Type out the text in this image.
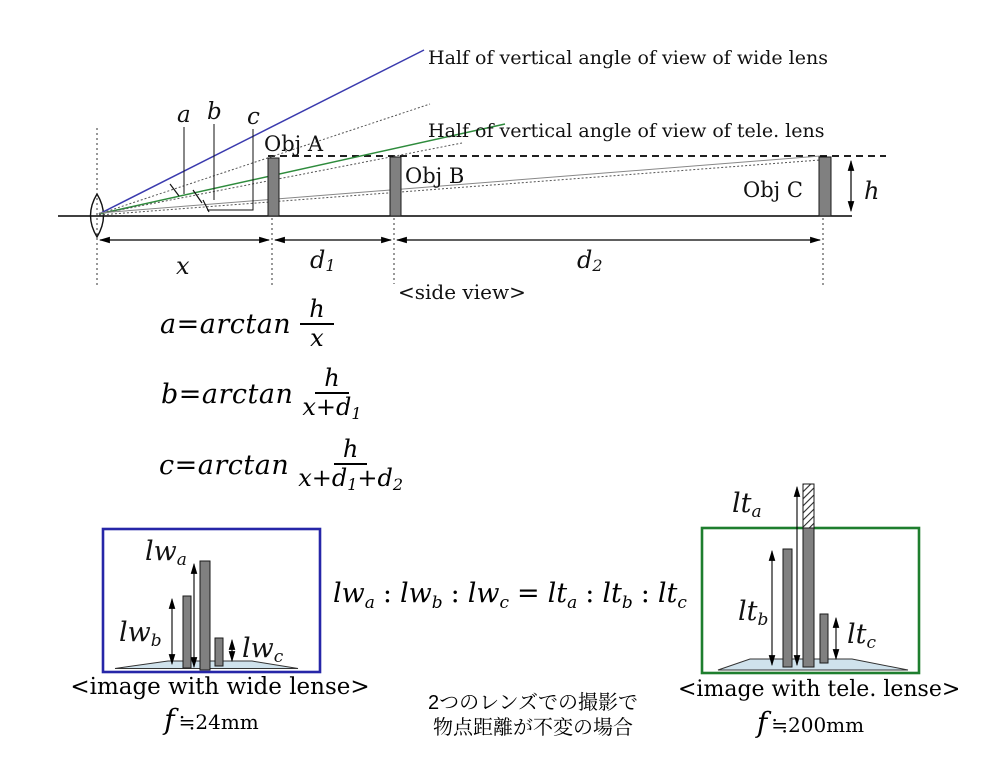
Obj A
Obj B
Obj C	h
x	d1	d2
a b c
Half of vertical angle of view of wide lens
Half of vertical angle of view of tele. lens
<side view>
lwa
lwb	lwc
lta
ltb	ltc
$a=\arctan \frac{h}{x}$
$b=\arctan \frac{h}{x+d1}$
$c=\arctan \frac{h}{x+d1+d2}$
$lw_a$ : $lw_b$ : $lw_c = lt_a$ : $lt_b$ : $lt_c$
<image with wide lense>
f ≒24mm
<image with tele. lense>
f ≒200mm
2つのレンズでの撮影で
物点距離が不変の場合
